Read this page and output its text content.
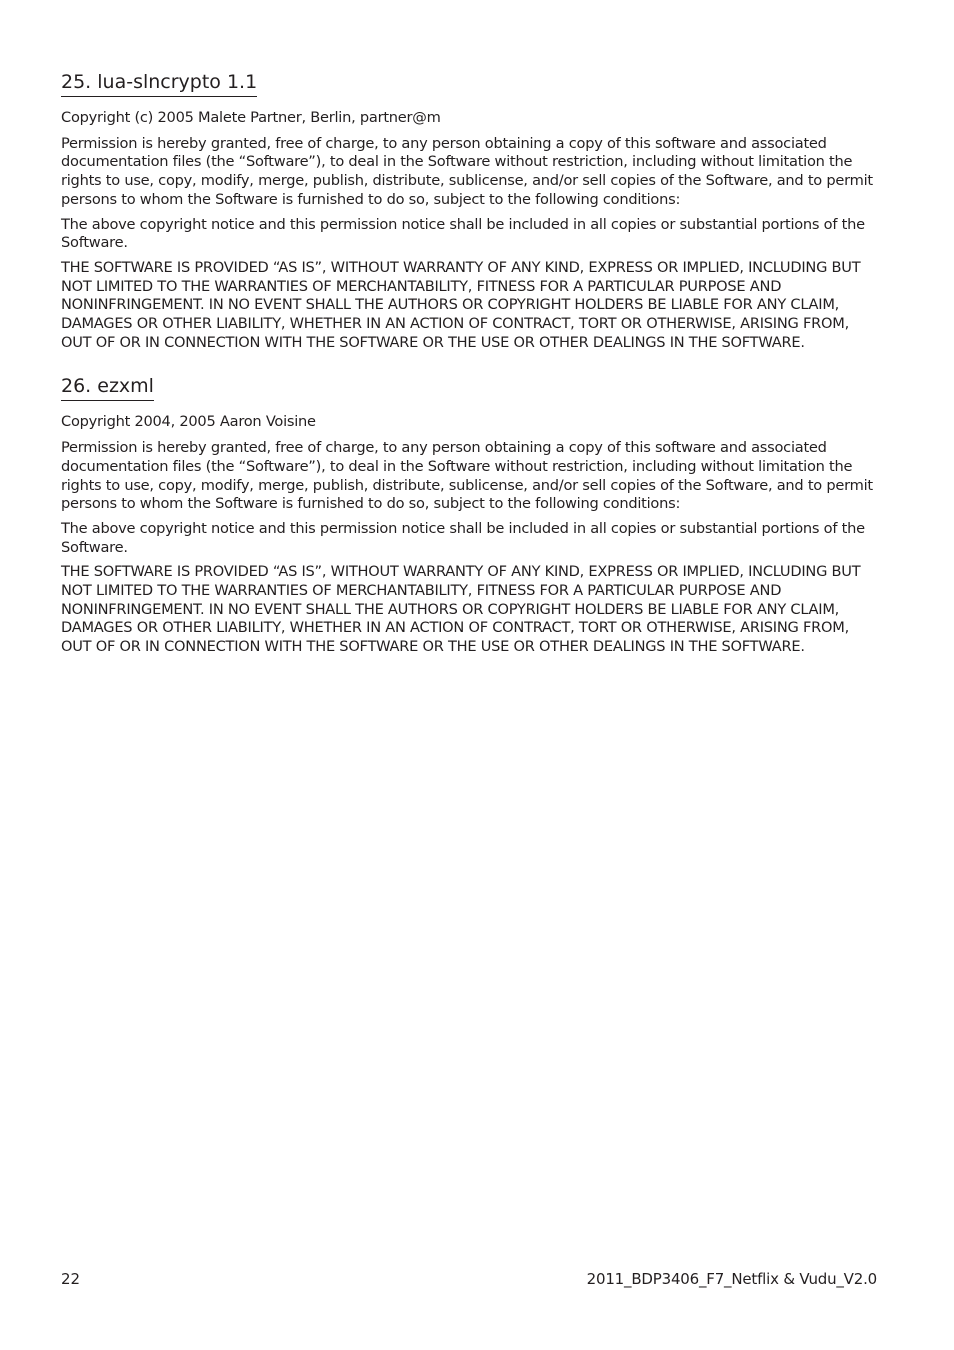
25. lua-slncrypto 1.1

Copyright (c) 2005 Malete Partner, Berlin, partner@m

Permission is hereby granted, free of charge, to any person obtaining a copy of this software and associated documentation files (the “Software”), to deal in the Software without restriction, including without limitation the rights to use, copy, modify, merge, publish, distribute, sublicense, and/or sell copies of the Software, and to permit persons to whom the Software is furnished to do so, subject to the following conditions:

The above copyright notice and this permission notice shall be included in all copies or substantial portions of the Software.

THE SOFTWARE IS PROVIDED “AS IS”, WITHOUT WARRANTY OF ANY KIND, EXPRESS OR IMPLIED, INCLUDING BUT NOT LIMITED TO THE WARRANTIES OF MERCHANTABILITY, FITNESS FOR A PARTICULAR PURPOSE AND NONINFRINGEMENT. IN NO EVENT SHALL THE AUTHORS OR COPYRIGHT HOLDERS BE LIABLE FOR ANY CLAIM, DAMAGES OR OTHER LIABILITY, WHETHER IN AN ACTION OF CONTRACT, TORT OR OTHERWISE, ARISING FROM, OUT OF OR IN CONNECTION WITH THE SOFTWARE OR THE USE OR OTHER DEALINGS IN THE SOFTWARE.

26. ezxml

Copyright 2004, 2005 Aaron Voisine

Permission is hereby granted, free of charge, to any person obtaining a copy of this software and associated documentation files (the “Software”), to deal in the Software without restriction, including without limitation the rights to use, copy, modify, merge, publish, distribute, sublicense, and/or sell copies of the Software, and to permit persons to whom the Software is furnished to do so, subject to the following conditions:

The above copyright notice and this permission notice shall be included in all copies or substantial portions of the Software.

THE SOFTWARE IS PROVIDED “AS IS”, WITHOUT WARRANTY OF ANY KIND, EXPRESS OR IMPLIED, INCLUDING BUT NOT LIMITED TO THE WARRANTIES OF MERCHANTABILITY, FITNESS FOR A PARTICULAR PURPOSE AND NONINFRINGEMENT. IN NO EVENT SHALL THE AUTHORS OR COPYRIGHT HOLDERS BE LIABLE FOR ANY CLAIM, DAMAGES OR OTHER LIABILITY, WHETHER IN AN ACTION OF CONTRACT, TORT OR OTHERWISE, ARISING FROM, OUT OF OR IN CONNECTION WITH THE SOFTWARE OR THE USE OR OTHER DEALINGS IN THE SOFTWARE.

22	2011_BDP3406_F7_Netflix & Vudu_V2.0
